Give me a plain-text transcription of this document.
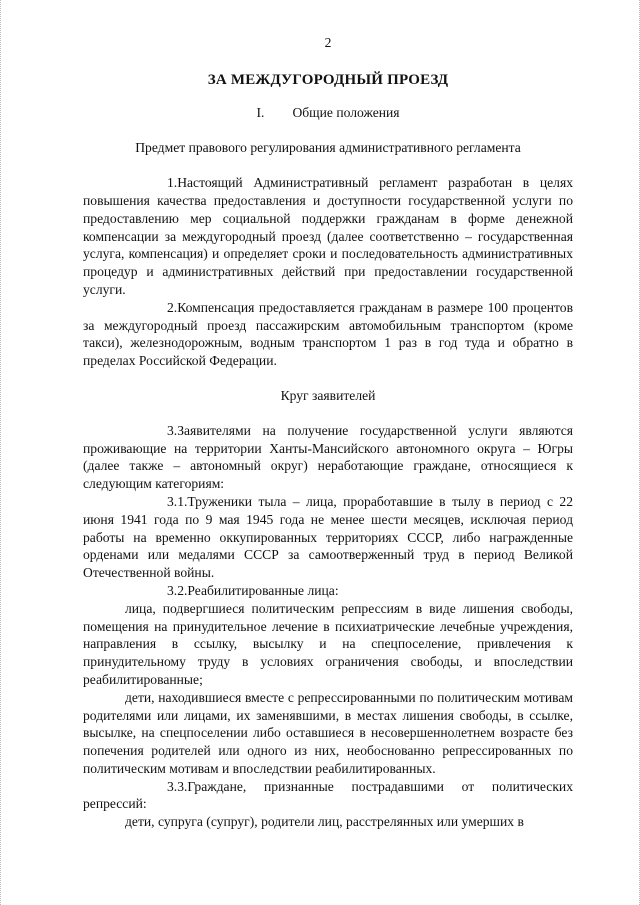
2
ЗА МЕЖДУГОРОДНЫЙ ПРОЕЗД
I. Общие положения
Предмет правового регулирования административного регламента

1.Настоящий Административный регламент разработан в целях повышения качества предоставления и доступности государственной услуги по предоставлению мер социальной поддержки гражданам в форме денежной компенсации за междугородный проезд (далее соответственно – государственная услуга, компенсация) и определяет сроки и последовательность административных процедур и административных действий при предоставлении государственной услуги.

2.Компенсация предоставляется гражданам в размере 100 процентов за междугородный проезд пассажирским автомобильным транспортом (кроме такси), железнодорожным, водным транспортом 1 раз в год туда и обратно в пределах Российской Федерации.

Круг заявителей

3.Заявителями на получение государственной услуги являются проживающие на территории Ханты-Мансийского автономного округа – Югры (далее также – автономный округ) неработающие граждане, относящиеся к следующим категориям:

3.1.Труженики тыла – лица, проработавшие в тылу в период с 22 июня 1941 года по 9 мая 1945 года не менее шести месяцев, исключая период работы на временно оккупированных территориях СССР, либо награжденные орденами или медалями СССР за самоотверженный труд в период Великой Отечественной войны.

3.2.Реабилитированные лица:

лица, подвергшиеся политическим репрессиям в виде лишения свободы, помещения на принудительное лечение в психиатрические лечебные учреждения, направления в ссылку, высылку и на спецпоселение, привлечения к принудительному труду в условиях ограничения свободы, и впоследствии реабилитированные;

дети, находившиеся вместе с репрессированными по политическим мотивам родителями или лицами, их заменявшими, в местах лишения свободы, в ссылке, высылке, на спецпоселении либо оставшиеся в несовершеннолетнем возрасте без попечения родителей или одного из них, необоснованно репрессированных по политическим мотивам и впоследствии реабилитированных.

3.3.Граждане, признанные пострадавшими от политических репрессий:

дети, супруга (супруг), родители лиц, расстрелянных или умерших в
